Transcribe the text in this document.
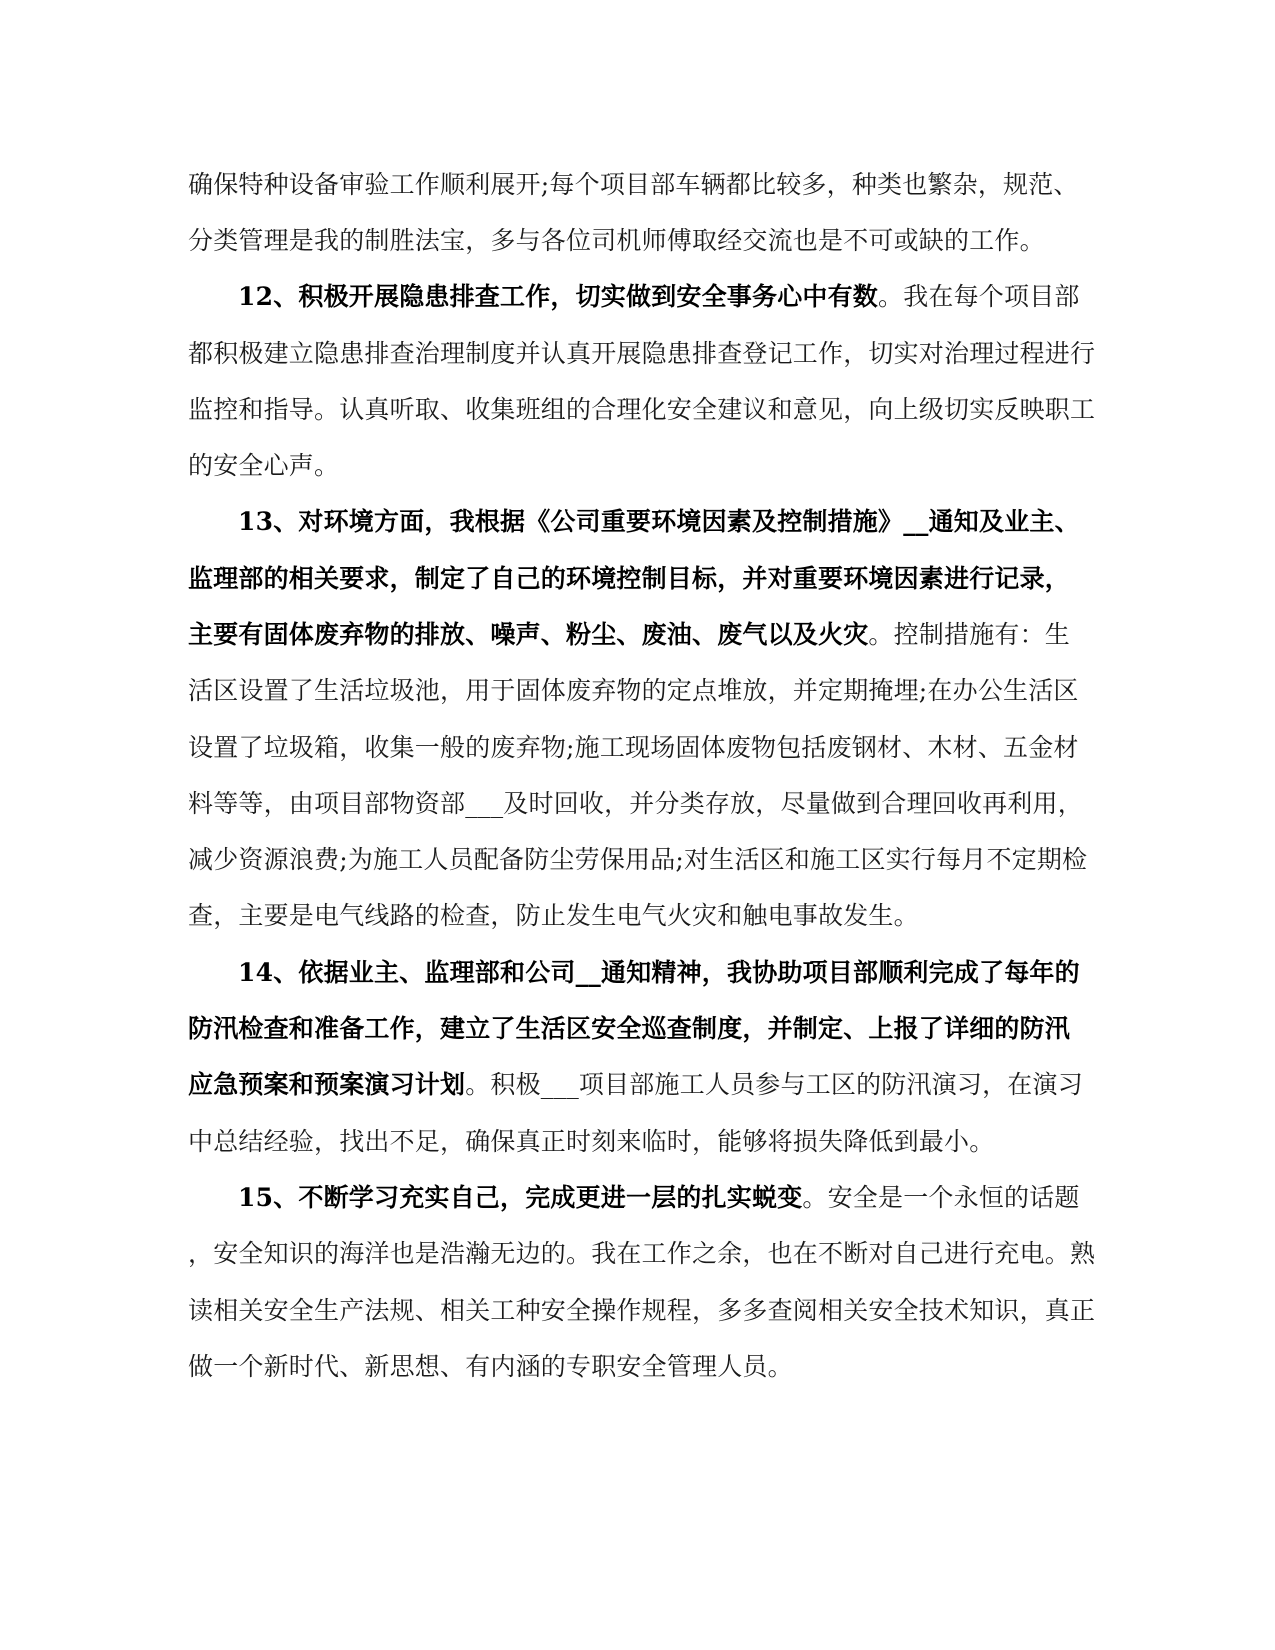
确保特种设备审验工作顺利展开;每个项目部车辆都比较多，种类也繁杂，规范、
分类管理是我的制胜法宝，多与各位司机师傅取经交流也是不可或缺的工作。
12、积极开展隐患排查工作，切实做到安全事务心中有数。我在每个项目部
都积极建立隐患排查治理制度并认真开展隐患排查登记工作，切实对治理过程进行
监控和指导。认真听取、收集班组的合理化安全建议和意见，向上级切实反映职工
的安全心声。
13、对环境方面，我根据《公司重要环境因素及控制措施》__通知及业主、
监理部的相关要求，制定了自己的环境控制目标，并对重要环境因素进行记录，
主要有固体废弃物的排放、噪声、粉尘、废油、废气以及火灾。控制措施有：生
活区设置了生活垃圾池，用于固体废弃物的定点堆放，并定期掩埋;在办公生活区
设置了垃圾箱，收集一般的废弃物;施工现场固体废物包括废钢材、木材、五金材
料等等，由项目部物资部___及时回收，并分类存放，尽量做到合理回收再利用，
减少资源浪费;为施工人员配备防尘劳保用品;对生活区和施工区实行每月不定期检
查，主要是电气线路的检查，防止发生电气火灾和触电事故发生。
14、依据业主、监理部和公司__通知精神，我协助项目部顺利完成了每年的
防汛检查和准备工作，建立了生活区安全巡查制度，并制定、上报了详细的防汛
应急预案和预案演习计划。积极___项目部施工人员参与工区的防汛演习，在演习
中总结经验，找出不足，确保真正时刻来临时，能够将损失降低到最小。
15、不断学习充实自己，完成更进一层的扎实蜕变。安全是一个永恒的话题
，安全知识的海洋也是浩瀚无边的。我在工作之余，也在不断对自己进行充电。熟
读相关安全生产法规、相关工种安全操作规程，多多查阅相关安全技术知识，真正
做一个新时代、新思想、有内涵的专职安全管理人员。
